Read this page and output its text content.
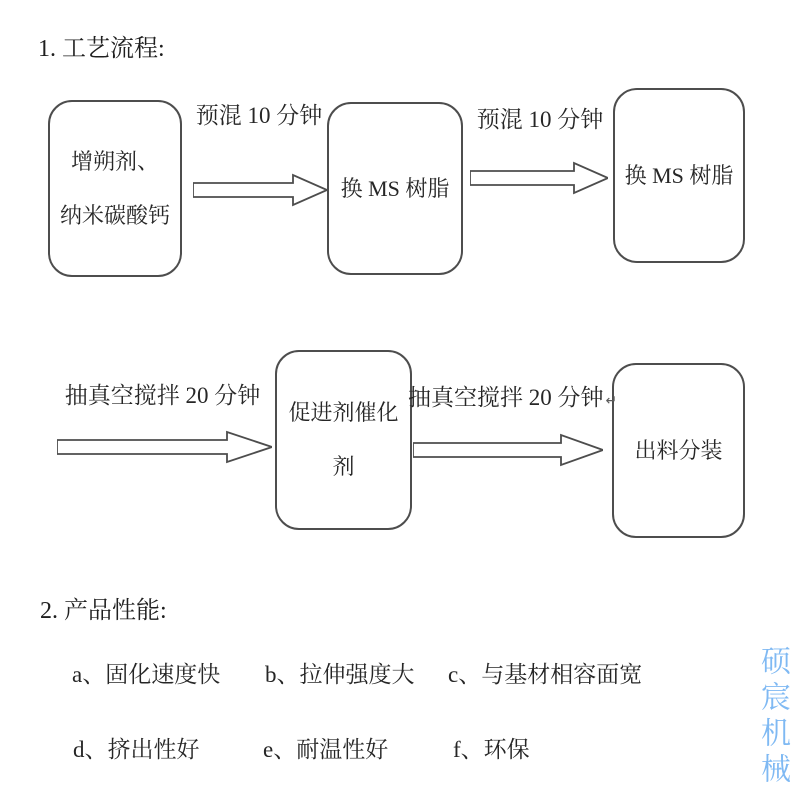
1. 工艺流程:
增朔剂、
纳米碳酸钙
换 MS 树脂
换 MS 树脂
预混 10 分钟	预混 10 分钟
促进剂催化
剂
出料分装
抽真空搅拌 20 分钟	抽真空搅拌 20 分钟 ↵
2. 产品性能:
a、固化速度快 b、拉伸强度大 c、与基材相容面宽
d、挤出性好	e、耐温性好	f、环保	硕宸机械
